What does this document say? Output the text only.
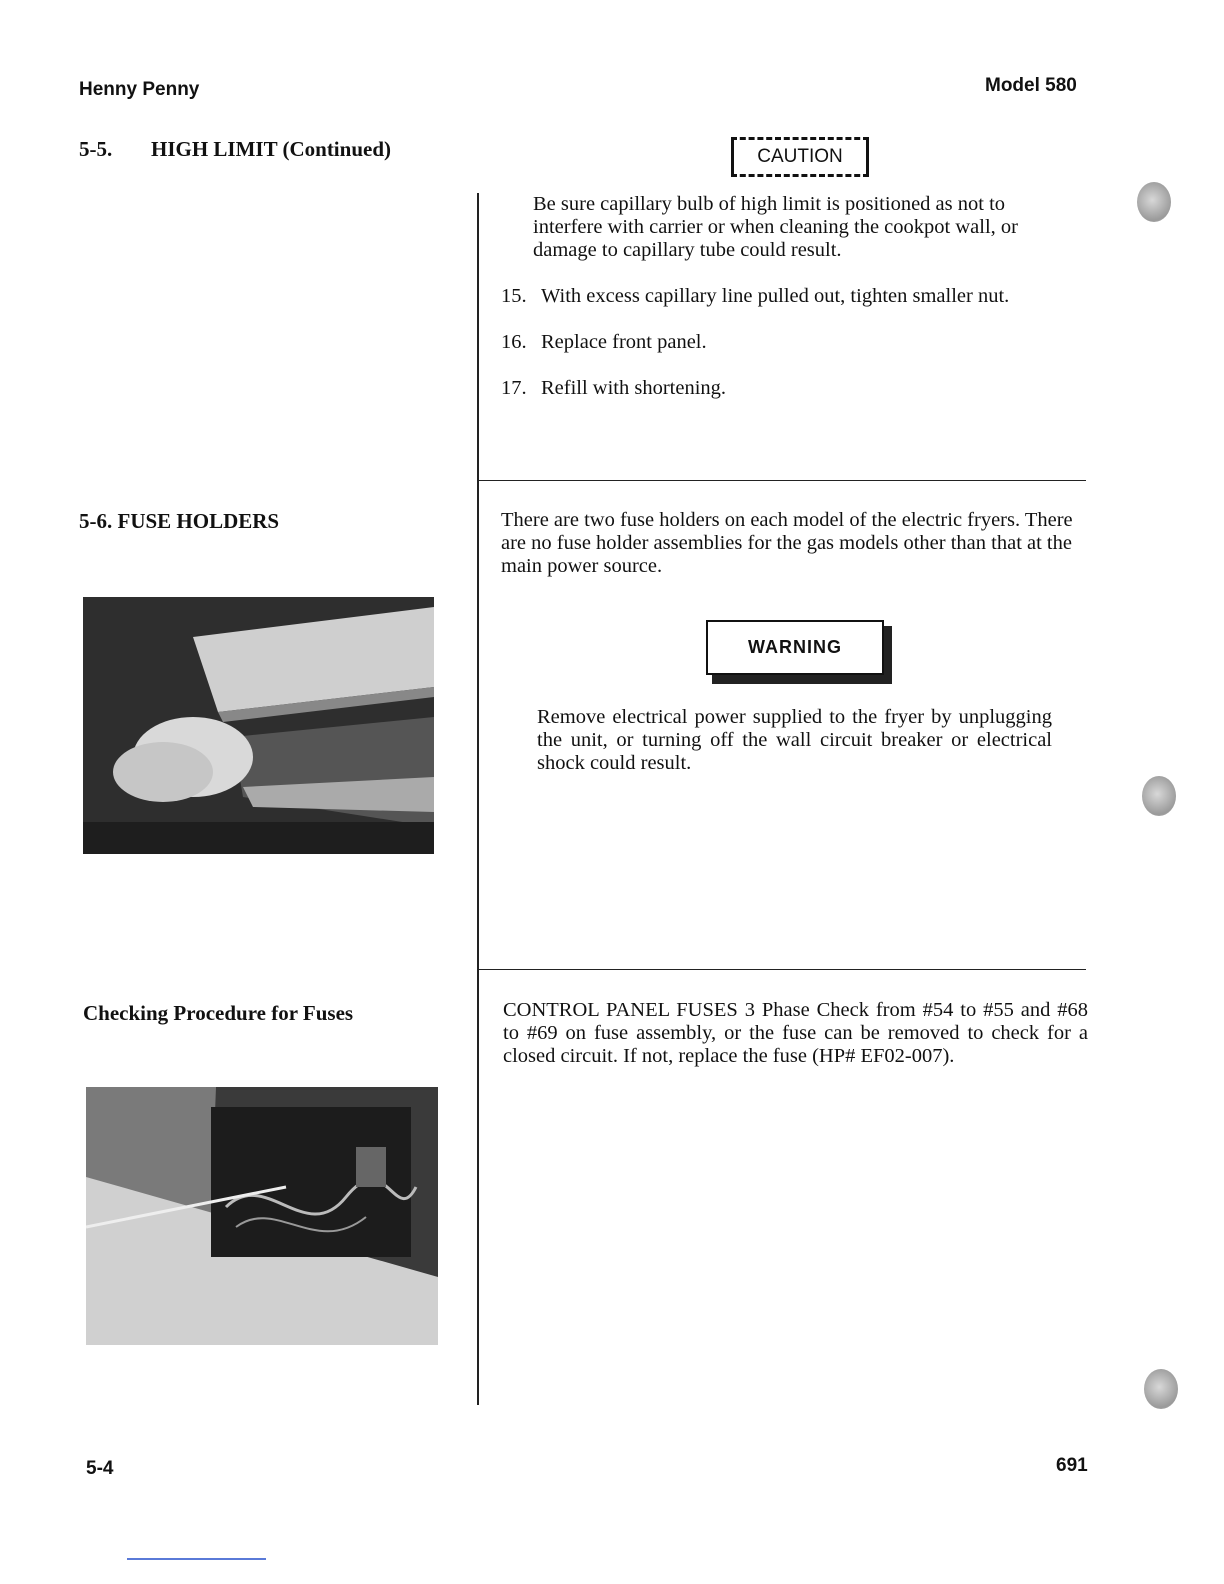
Henny Penny	Model 580
5-5. HIGH LIMIT (Continued)	CAUTION
Be sure capillary bulb of high limit is positioned as not to interfere with carrier or when cleaning the cookpot wall, or damage to capillary tube could result.
15. With excess capillary line pulled out, tighten smaller nut.
16. Replace front panel.
17. Refill with shortening.
5-6. FUSE HOLDERS	There are two fuse holders on each model of the electric fryers. There are no fuse holder assemblies for the gas models other than that at the main power source.
WARNING
Remove electrical power supplied to the fryer by unplugging the unit, or turning off the wall circuit breaker or electrical shock could result.
Checking Procedure for Fuses	CONTROL PANEL FUSES 3 Phase Check from #54 to #55 and #68 to #69 on fuse assembly, or the fuse can be removed to check for a closed circuit. If not, replace the fuse (HP# EF02-007).
5-4	691
